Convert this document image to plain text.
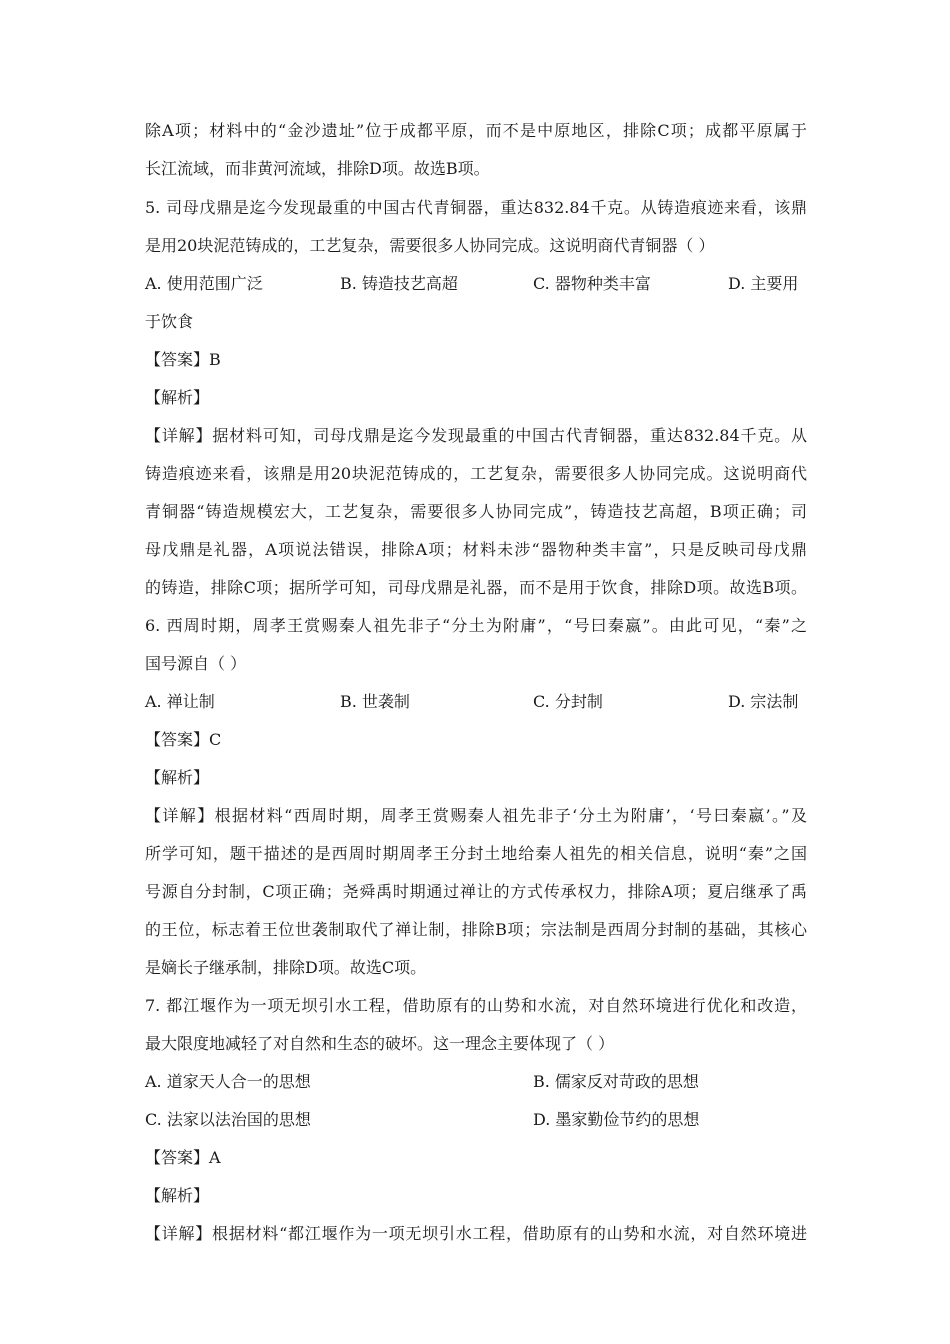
除A项；材料中的“金沙遗址”位于成都平原，而不是中原地区，排除C项；成都平原属于
长江流域，而非黄河流域，排除D项。故选B项。
5. 司母戊鼎是迄今发现最重的中国古代青铜器，重达832.84千克。从铸造痕迹来看，该鼎
是用20块泥范铸成的，工艺复杂，需要很多人协同完成。这说明商代青铜器（ ）
A. 使用范围广泛	B. 铸造技艺高超	C. 器物种类丰富	D. 主要用
于饮食
【答案】B
【解析】
【详解】据材料可知，司母戊鼎是迄今发现最重的中国古代青铜器，重达832.84千克。从
铸造痕迹来看，该鼎是用20块泥范铸成的，工艺复杂，需要很多人协同完成。这说明商代
青铜器“铸造规模宏大，工艺复杂，需要很多人协同完成”，铸造技艺高超，B项正确；司
母戊鼎是礼器，A项说法错误，排除A项；材料未涉“器物种类丰富”，只是反映司母戊鼎
的铸造，排除C项；据所学可知，司母戊鼎是礼器，而不是用于饮食，排除D项。故选B项。
6. 西周时期，周孝王赏赐秦人祖先非子“分土为附庸”，“号曰秦嬴”。由此可见，“秦”之
国号源自（ ）
A. 禅让制	B. 世袭制	C. 分封制	D. 宗法制
【答案】C
【解析】
【详解】根据材料“西周时期，周孝王赏赐秦人祖先非子‘分土为附庸’，‘号曰秦嬴’。”及
所学可知，题干描述的是西周时期周孝王分封土地给秦人祖先的相关信息，说明“秦”之国
号源自分封制，C项正确；尧舜禹时期通过禅让的方式传承权力，排除A项；夏启继承了禹
的王位，标志着王位世袭制取代了禅让制，排除B项；宗法制是西周分封制的基础，其核心
是嫡长子继承制，排除D项。故选C项。
7. 都江堰作为一项无坝引水工程，借助原有的山势和水流，对自然环境进行优化和改造，
最大限度地减轻了对自然和生态的破坏。这一理念主要体现了（ ）
A. 道家天人合一的思想	B. 儒家反对苛政的思想
C. 法家以法治国的思想	D. 墨家勤俭节约的思想
【答案】A
【解析】
【详解】根据材料“都江堰作为一项无坝引水工程，借助原有的山势和水流，对自然环境进
